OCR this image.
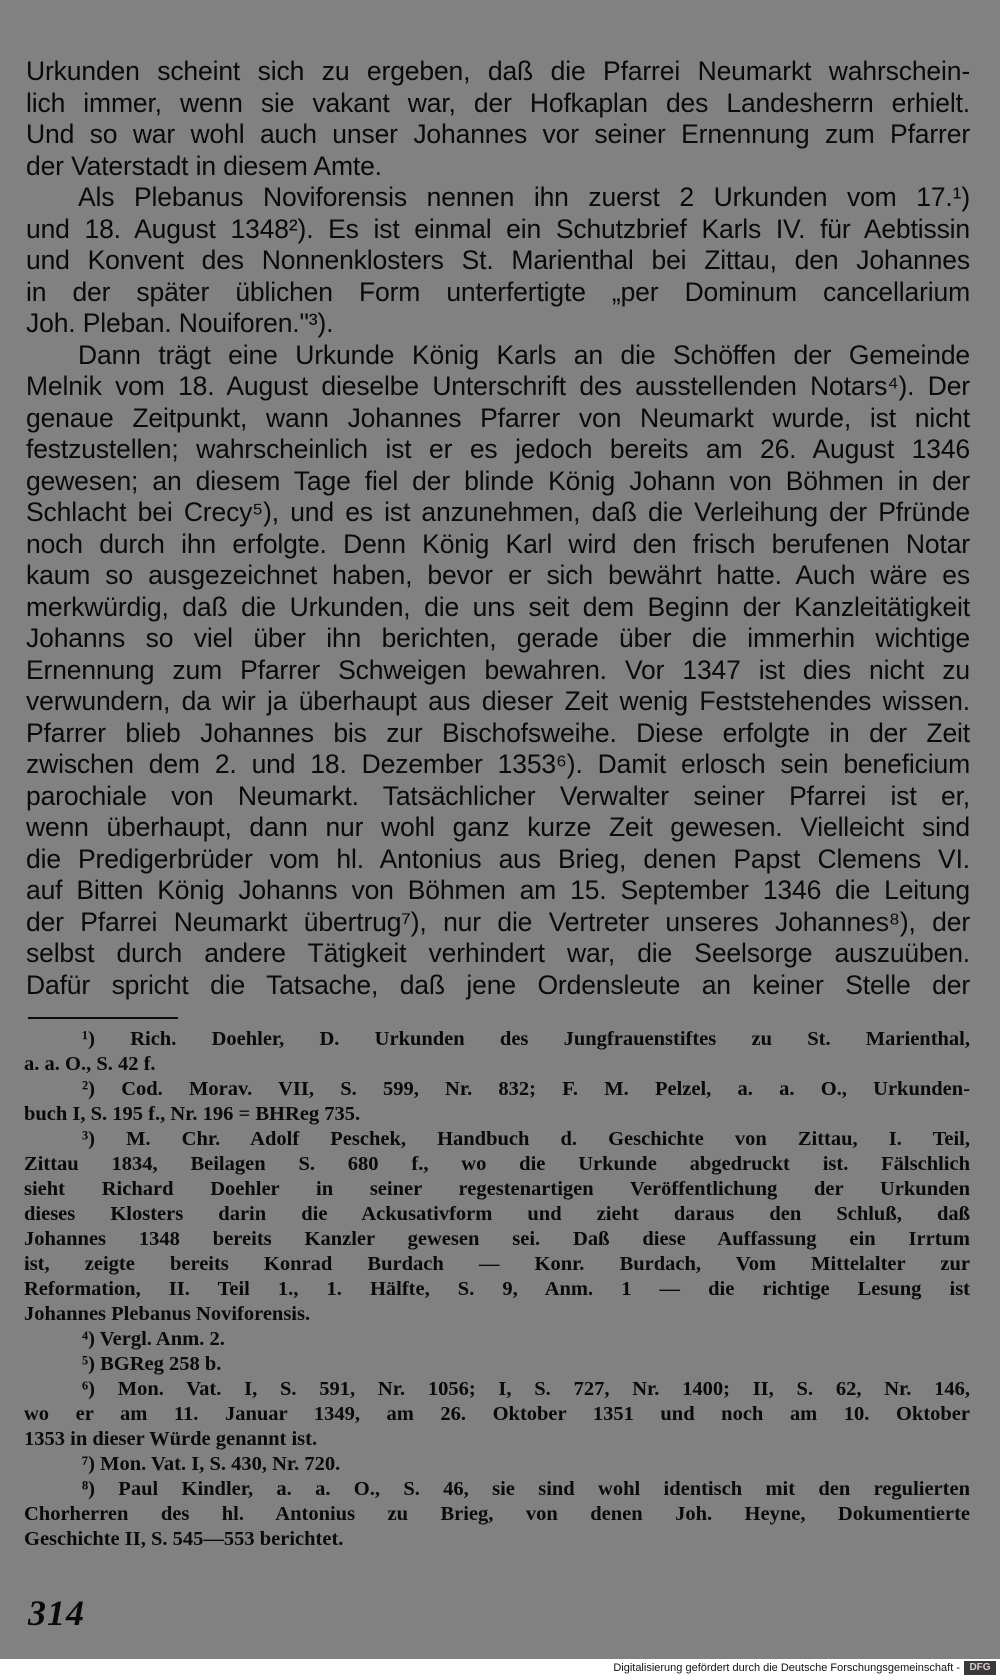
Urkunden scheint sich zu ergeben, daß die Pfarrei Neumarkt wahrschein-
lich immer, wenn sie vakant war, der Hofkaplan des Landesherrn erhielt.
Und so war wohl auch unser Johannes vor seiner Ernennung zum Pfarrer
der Vaterstadt in diesem Amte.
Als Plebanus Noviforensis nennen ihn zuerst 2 Urkunden vom 17.¹)
und 18. August 1348²). Es ist einmal ein Schutzbrief Karls IV. für Aebtissin
und Konvent des Nonnenklosters St. Marienthal bei Zittau, den Johannes
in der später üblichen Form unterfertigte „per Dominum cancellarium
Joh. Pleban. Nouiforen."³).
Dann trägt eine Urkunde König Karls an die Schöffen der Gemeinde
Melnik vom 18. August dieselbe Unterschrift des ausstellenden Notars⁴). Der
genaue Zeitpunkt, wann Johannes Pfarrer von Neumarkt wurde, ist nicht
festzustellen; wahrscheinlich ist er es jedoch bereits am 26. August 1346
gewesen; an diesem Tage fiel der blinde König Johann von Böhmen in der
Schlacht bei Crecy⁵), und es ist anzunehmen, daß die Verleihung der Pfründe
noch durch ihn erfolgte. Denn König Karl wird den frisch berufenen Notar
kaum so ausgezeichnet haben, bevor er sich bewährt hatte. Auch wäre es
merkwürdig, daß die Urkunden, die uns seit dem Beginn der Kanzleitätigkeit
Johanns so viel über ihn berichten, gerade über die immerhin wichtige
Ernennung zum Pfarrer Schweigen bewahren. Vor 1347 ist dies nicht zu
verwundern, da wir ja überhaupt aus dieser Zeit wenig Feststehendes wissen.
Pfarrer blieb Johannes bis zur Bischofsweihe. Diese erfolgte in der Zeit
zwischen dem 2. und 18. Dezember 1353⁶). Damit erlosch sein beneficium
parochiale von Neumarkt. Tatsächlicher Verwalter seiner Pfarrei ist er,
wenn überhaupt, dann nur wohl ganz kurze Zeit gewesen. Vielleicht sind
die Predigerbrüder vom hl. Antonius aus Brieg, denen Papst Clemens VI.
auf Bitten König Johanns von Böhmen am 15. September 1346 die Leitung
der Pfarrei Neumarkt übertrug⁷), nur die Vertreter unseres Johannes⁸), der
selbst durch andere Tätigkeit verhindert war, die Seelsorge auszuüben.
Dafür spricht die Tatsache, daß jene Ordensleute an keiner Stelle der
¹) Rich. Doehler, D. Urkunden des Jungfrauenstiftes zu St. Marienthal,
a. a. O., S. 42 f.
²) Cod. Morav. VII, S. 599, Nr. 832; F. M. Pelzel, a. a. O., Urkunden-
buch I, S. 195 f., Nr. 196 = BHReg 735.
³) M. Chr. Adolf Peschek, Handbuch d. Geschichte von Zittau, I. Teil,
Zittau 1834, Beilagen S. 680 f., wo die Urkunde abgedruckt ist. Fälschlich
sieht Richard Doehler in seiner regestenartigen Veröffentlichung der Urkunden
dieses Klosters darin die Ackusativform und zieht daraus den Schluß, daß
Johannes 1348 bereits Kanzler gewesen sei. Daß diese Auffassung ein Irrtum
ist, zeigte bereits Konrad Burdach — Konr. Burdach, Vom Mittelalter zur
Reformation, II. Teil 1., 1. Hälfte, S. 9, Anm. 1 — die richtige Lesung ist
Johannes Plebanus Noviforensis.
⁴) Vergl. Anm. 2.
⁵) BGReg 258 b.
⁶) Mon. Vat. I, S. 591, Nr. 1056; I, S. 727, Nr. 1400; II, S. 62, Nr. 146,
wo er am 11. Januar 1349, am 26. Oktober 1351 und noch am 10. Oktober
1353 in dieser Würde genannt ist.
⁷) Mon. Vat. I, S. 430, Nr. 720.
⁸) Paul Kindler, a. a. O., S. 46, sie sind wohl identisch mit den regulierten
Chorherren des hl. Antonius zu Brieg, von denen Joh. Heyne, Dokumentierte
Geschichte II, S. 545—553 berichtet.
314
Digitalisierung gefördert durch die Deutsche Forschungsgemeinschaft - DFG
